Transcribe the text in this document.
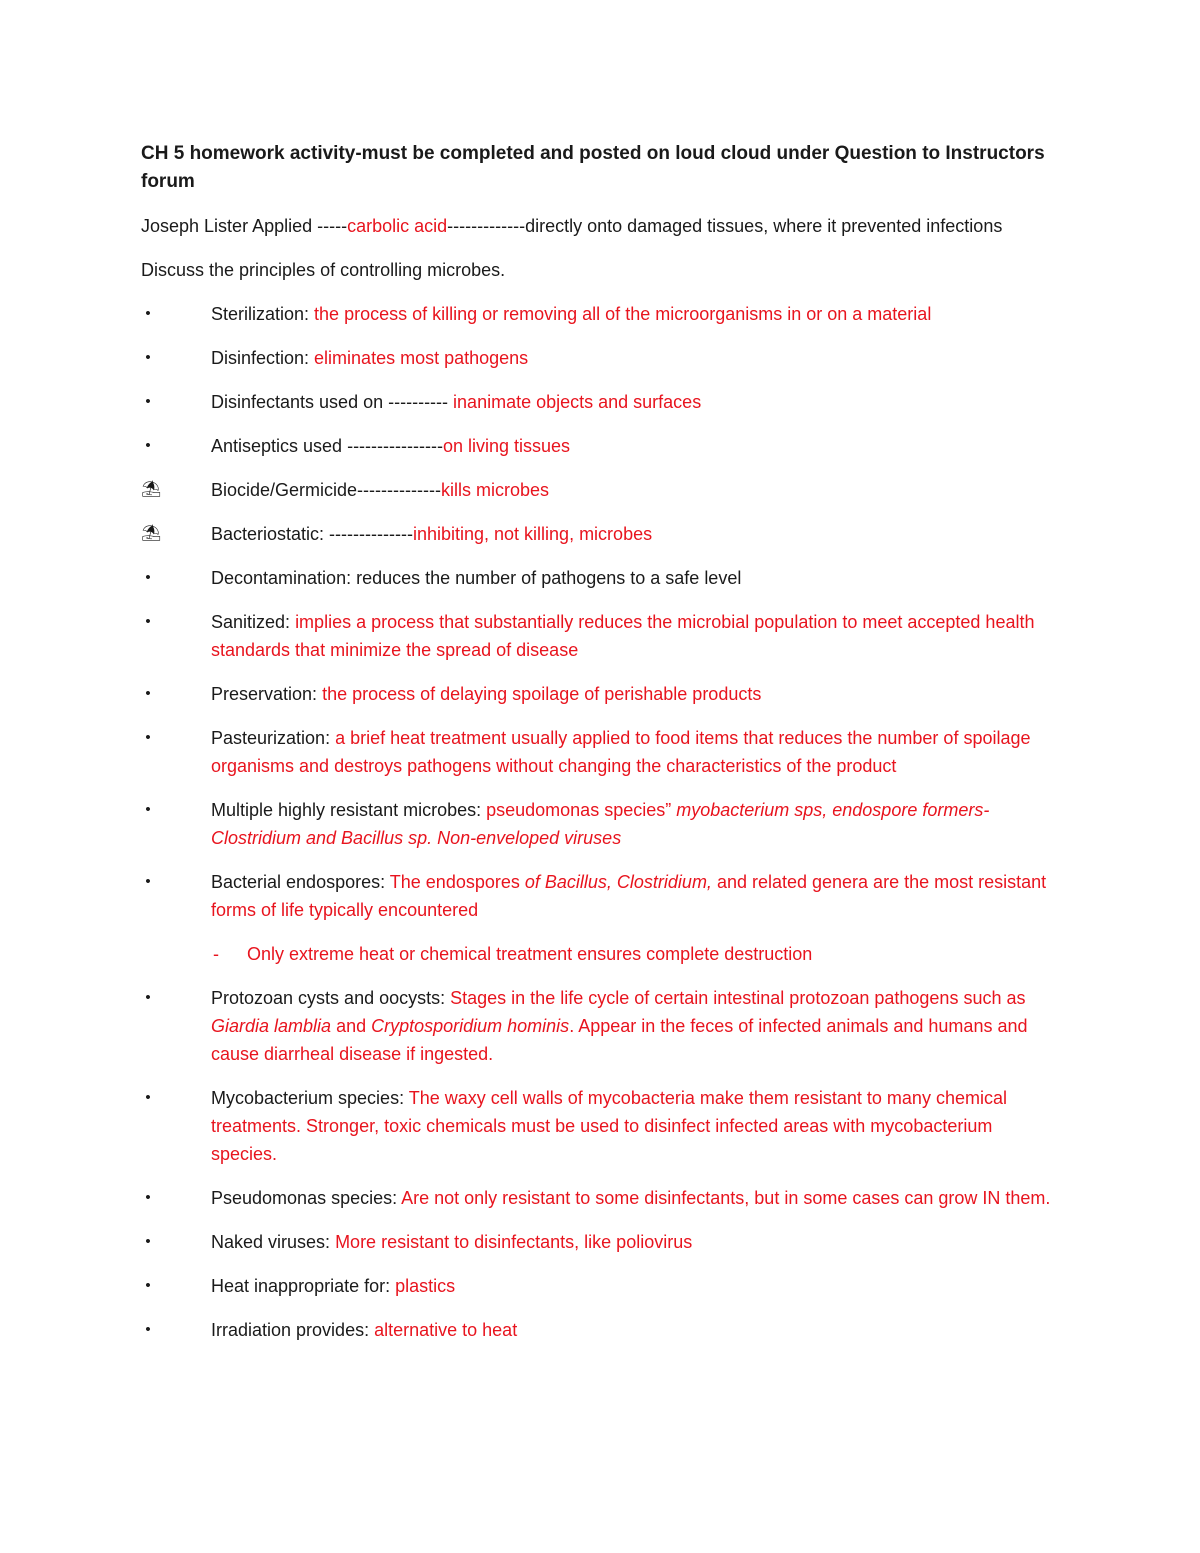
CH 5 homework activity-must be completed and posted on loud cloud under Question to Instructors forum

Joseph Lister Applied -----carbolic acid-------------directly onto damaged tissues, where it prevented infections

Discuss the principles of controlling microbes.

•	Sterilization: the process of killing or removing all of the microorganisms in or on a material

•	Disinfection: eliminates most pathogens

•	Disinfectants used on ---------- inanimate objects and surfaces

•	Antiseptics used ----------------on living tissues

⛱	Biocide/Germicide--------------kills microbes

⛱	Bacteriostatic: --------------inhibiting, not killing, microbes

•	Decontamination: reduces the number of pathogens to a safe level

•	Sanitized: implies a process that substantially reduces the microbial population to meet accepted health standards that minimize the spread of disease

•	Preservation: the process of delaying spoilage of perishable products

•	Pasteurization: a brief heat treatment usually applied to food items that reduces the number of spoilage organisms and destroys pathogens without changing the characteristics of the product

•	Multiple highly resistant microbes: pseudomonas species” myobacterium sps, endospore formers- Clostridium and Bacillus sp. Non-enveloped viruses

•	Bacterial endospores: The endospores of Bacillus, Clostridium, and related genera are the most resistant forms of life typically encountered

-	Only extreme heat or chemical treatment ensures complete destruction

•	Protozoan cysts and oocysts: Stages in the life cycle of certain intestinal protozoan pathogens such as Giardia lamblia and Cryptosporidium hominis. Appear in the feces of infected animals and humans and cause diarrheal disease if ingested.

•	Mycobacterium species: The waxy cell walls of mycobacteria make them resistant to many chemical treatments. Stronger, toxic chemicals must be used to disinfect infected areas with mycobacterium species.

•	Pseudomonas species: Are not only resistant to some disinfectants, but in some cases can grow IN them.

•	Naked viruses: More resistant to disinfectants, like poliovirus

•	Heat inappropriate for: plastics

•	Irradiation provides: alternative to heat
